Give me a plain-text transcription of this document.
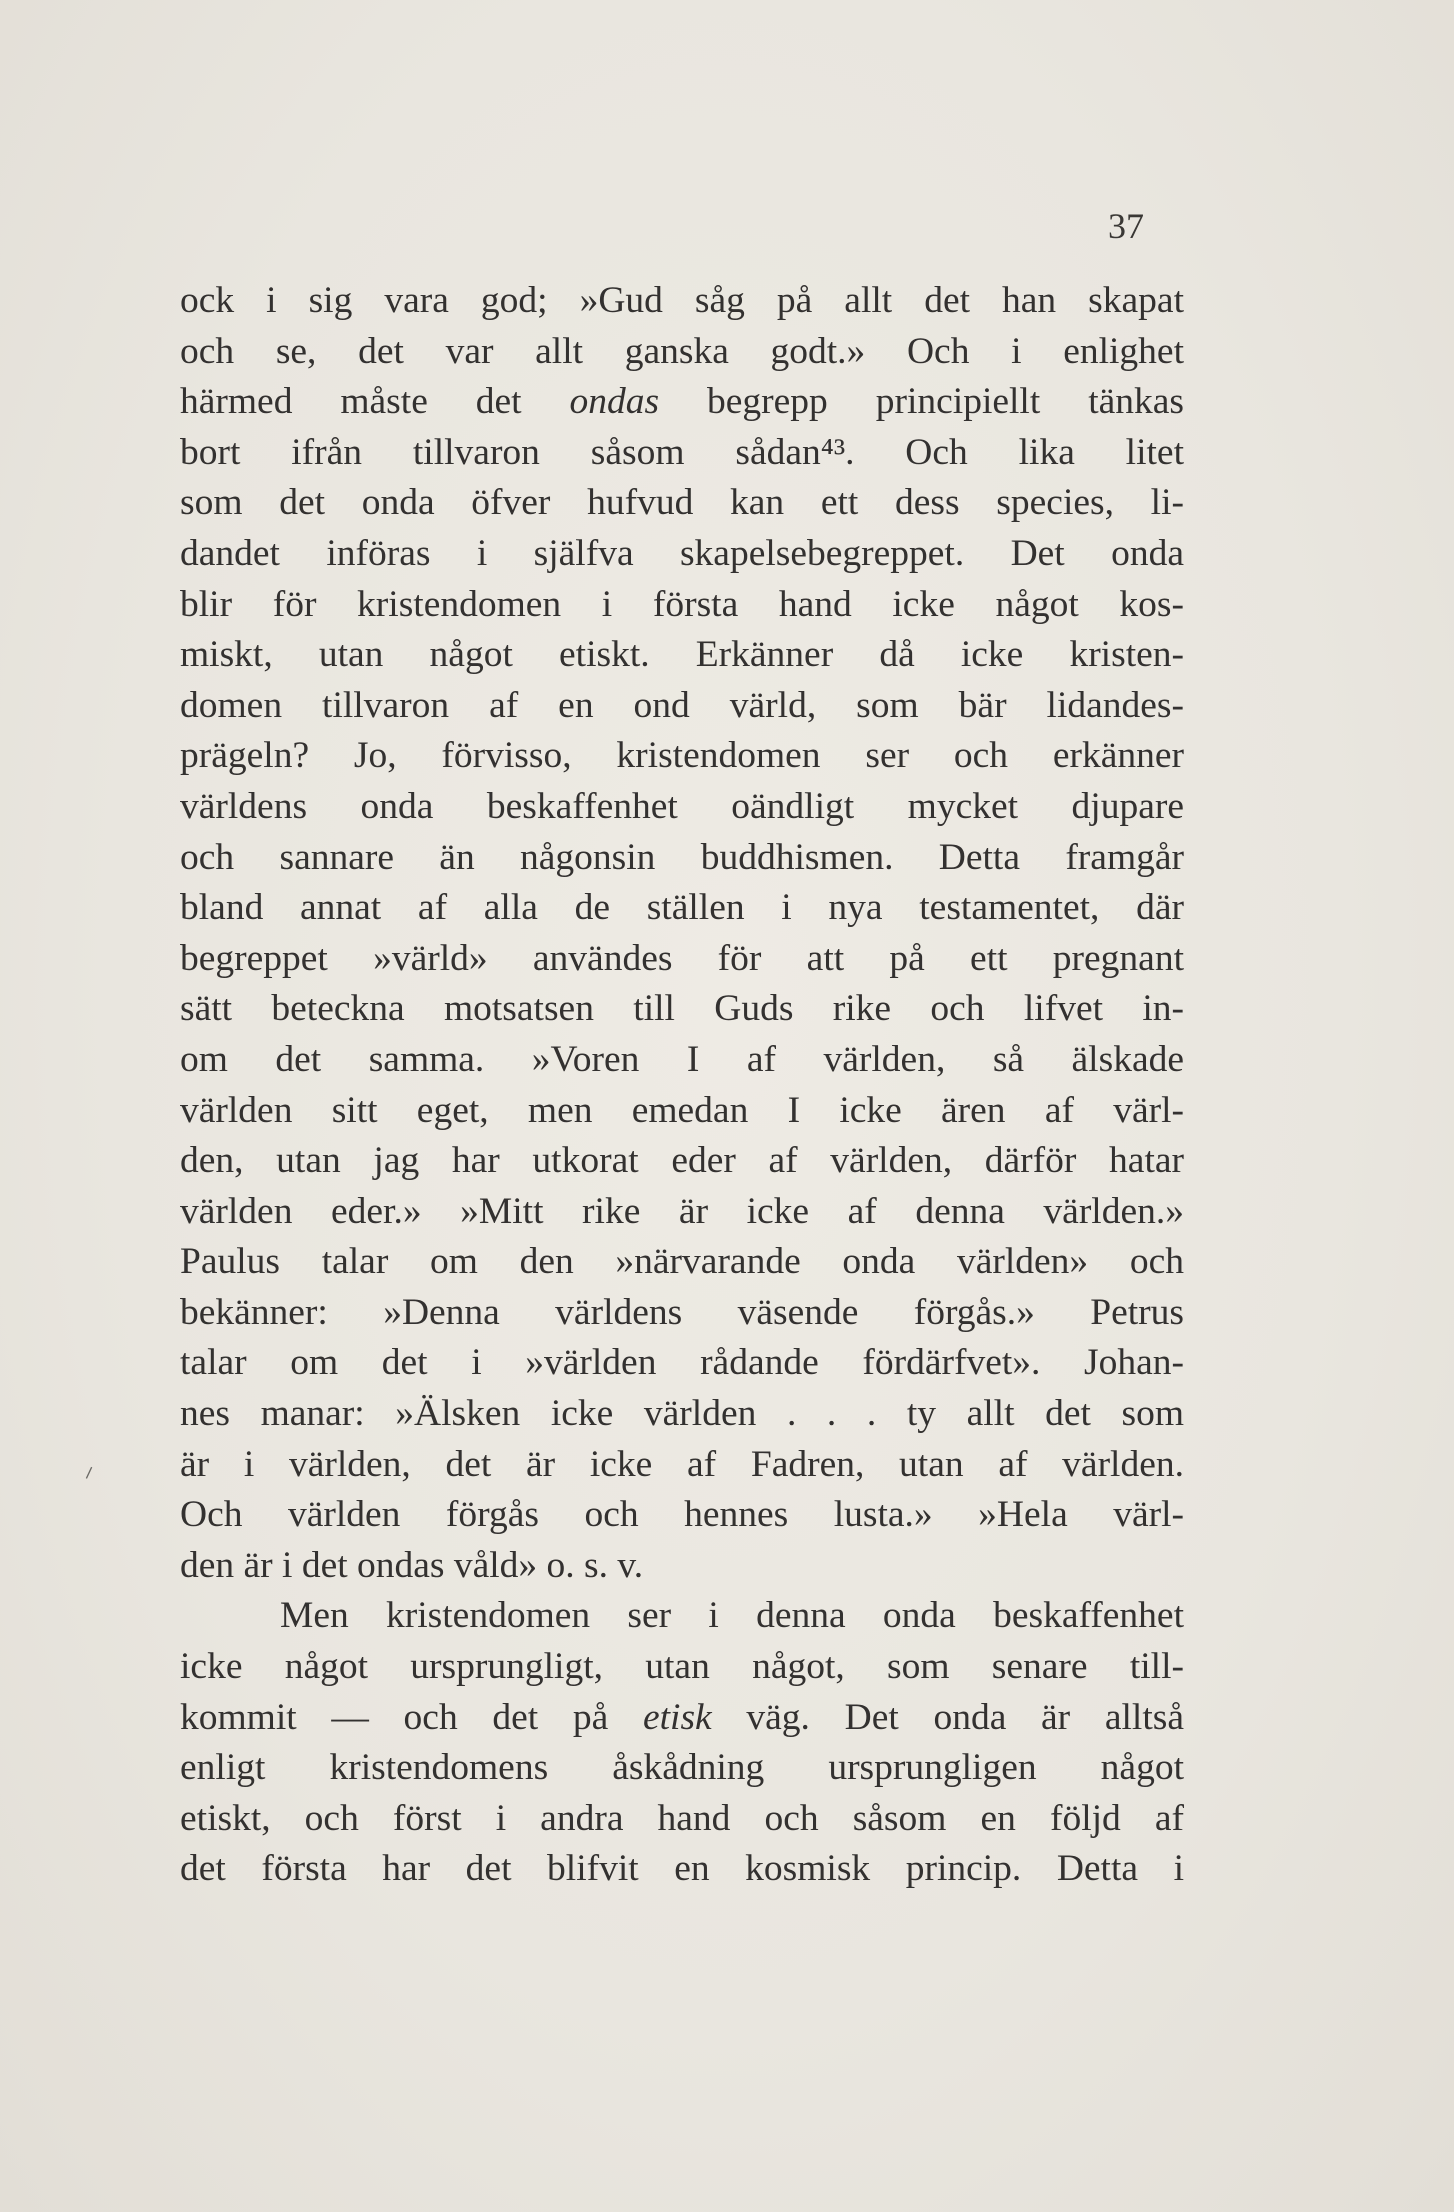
37
ock i sig vara god; »Gud såg på allt det han skapat
och se, det var allt ganska godt.» Och i enlighet
härmed måste det ondas begrepp principiellt tänkas
bort ifrån tillvaron såsom sådan⁴³. Och lika litet
som det onda öfver hufvud kan ett dess species, li-
dandet införas i själfva skapelsebegreppet. Det onda
blir för kristendomen i första hand icke något kos-
miskt, utan något etiskt. Erkänner då icke kristen-
domen tillvaron af en ond värld, som bär lidandes-
prägeln? Jo, förvisso, kristendomen ser och erkänner
världens onda beskaffenhet oändligt mycket djupare
och sannare än någonsin buddhismen. Detta framgår
bland annat af alla de ställen i nya testamentet, där
begreppet »värld» användes för att på ett pregnant
sätt beteckna motsatsen till Guds rike och lifvet in-
om det samma. »Voren I af världen, så älskade
världen sitt eget, men emedan I icke ären af värl-
den, utan jag har utkorat eder af världen, därför hatar
världen eder.» »Mitt rike är icke af denna världen.»
Paulus talar om den »närvarande onda världen» och
bekänner: »Denna världens väsende förgås.» Petrus
talar om det i »världen rådande fördärfvet». Johan-
nes manar: »Älsken icke världen . . . ty allt det som
är i världen, det är icke af Fadren, utan af världen.
Och världen förgås och hennes lusta.» »Hela värl-
den är i det ondas våld» o. s. v.
Men kristendomen ser i denna onda beskaffenhet
icke något ursprungligt, utan något, som senare till-
kommit — och det på etisk väg. Det onda är alltså
enligt kristendomens åskådning ursprungligen något
etiskt, och först i andra hand och såsom en följd af
det första har det blifvit en kosmisk princip. Detta i
⸝
